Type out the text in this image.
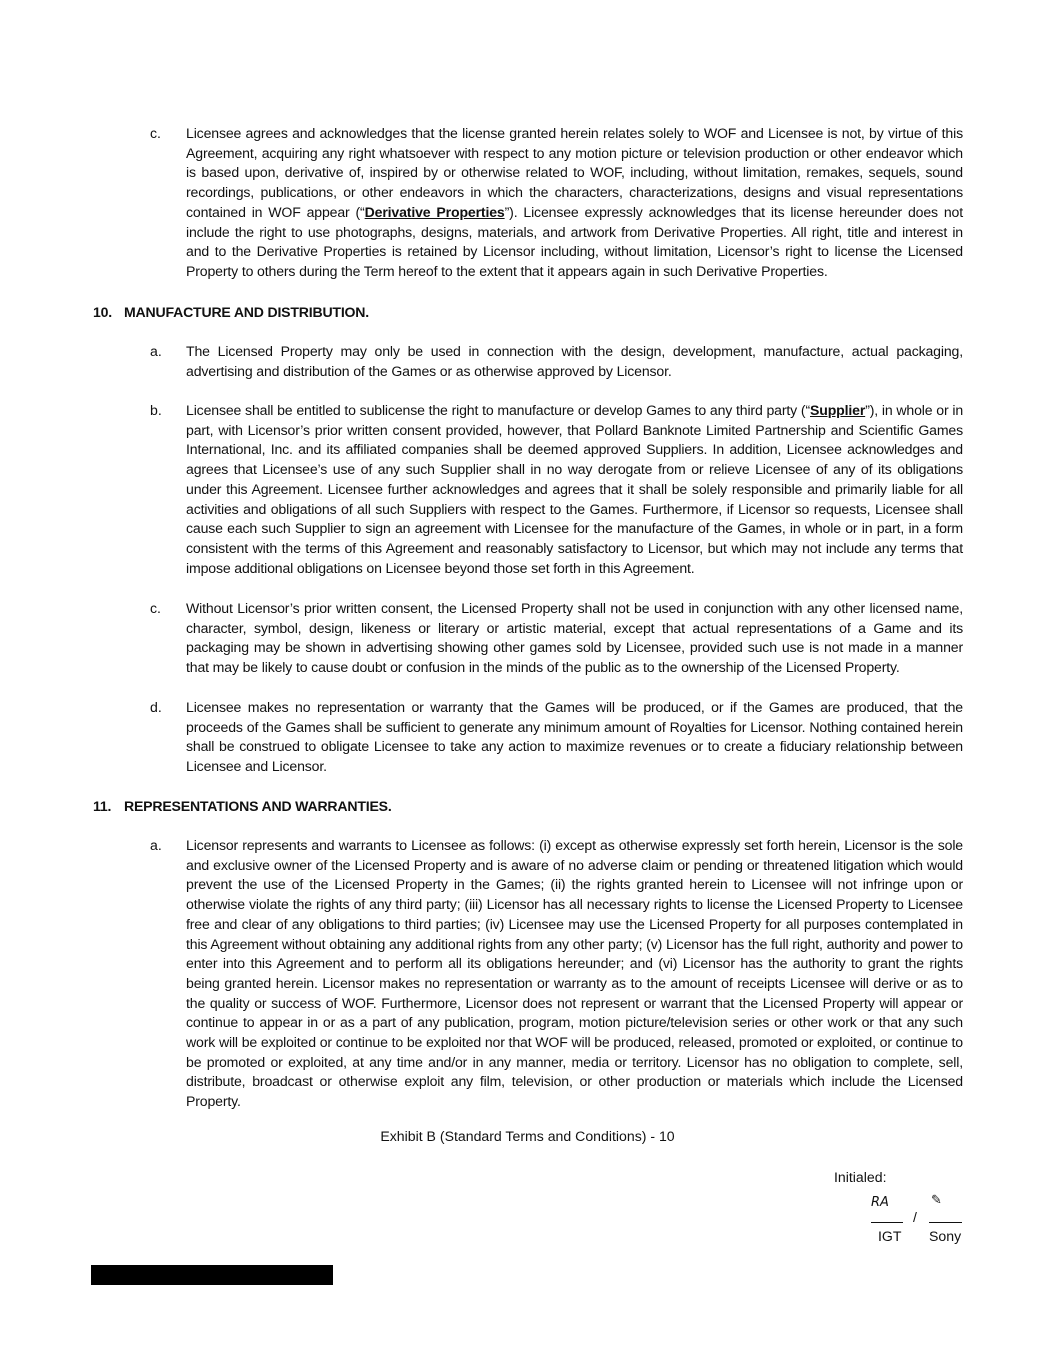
c.	Licensee agrees and acknowledges that the license granted herein relates solely to WOF and Licensee is not, by virtue of this Agreement, acquiring any right whatsoever with respect to any motion picture or television production or other endeavor which is based upon, derivative of, inspired by or otherwise related to WOF, including, without limitation, remakes, sequels, sound recordings, publications, or other endeavors in which the characters, characterizations, designs and visual representations contained in WOF appear (“Derivative Properties”). Licensee expressly acknowledges that its license hereunder does not include the right to use photographs, designs, materials, and artwork from Derivative Properties. All right, title and interest in and to the Derivative Properties is retained by Licensor including, without limitation, Licensor’s right to license the Licensed Property to others during the Term hereof to the extent that it appears again in such Derivative Properties.
10. MANUFACTURE AND DISTRIBUTION.
a.	The Licensed Property may only be used in connection with the design, development, manufacture, actual packaging, advertising and distribution of the Games or as otherwise approved by Licensor.
b.	Licensee shall be entitled to sublicense the right to manufacture or develop Games to any third party (“Supplier”), in whole or in part, with Licensor’s prior written consent provided, however, that Pollard Banknote Limited Partnership and Scientific Games International, Inc. and its affiliated companies shall be deemed approved Suppliers. In addition, Licensee acknowledges and agrees that Licensee’s use of any such Supplier shall in no way derogate from or relieve Licensee of any of its obligations under this Agreement. Licensee further acknowledges and agrees that it shall be solely responsible and primarily liable for all activities and obligations of all such Suppliers with respect to the Games. Furthermore, if Licensor so requests, Licensee shall cause each such Supplier to sign an agreement with Licensee for the manufacture of the Games, in whole or in part, in a form consistent with the terms of this Agreement and reasonably satisfactory to Licensor, but which may not include any terms that impose additional obligations on Licensee beyond those set forth in this Agreement.
c.	Without Licensor’s prior written consent, the Licensed Property shall not be used in conjunction with any other licensed name, character, symbol, design, likeness or literary or artistic material, except that actual representations of a Game and its packaging may be shown in advertising showing other games sold by Licensee, provided such use is not made in a manner that may be likely to cause doubt or confusion in the minds of the public as to the ownership of the Licensed Property.
d.	Licensee makes no representation or warranty that the Games will be produced, or if the Games are produced, that the proceeds of the Games shall be sufficient to generate any minimum amount of Royalties for Licensor. Nothing contained herein shall be construed to obligate Licensee to take any action to maximize revenues or to create a fiduciary relationship between Licensee and Licensor.
11. REPRESENTATIONS AND WARRANTIES.
a.	Licensor represents and warrants to Licensee as follows: (i) except as otherwise expressly set forth herein, Licensor is the sole and exclusive owner of the Licensed Property and is aware of no adverse claim or pending or threatened litigation which would prevent the use of the Licensed Property in the Games; (ii) the rights granted herein to Licensee will not infringe upon or otherwise violate the rights of any third party; (iii) Licensor has all necessary rights to license the Licensed Property to Licensee free and clear of any obligations to third parties; (iv) Licensee may use the Licensed Property for all purposes contemplated in this Agreement without obtaining any additional rights from any other party; (v) Licensor has the full right, authority and power to enter into this Agreement and to perform all its obligations hereunder; and (vi) Licensor has the authority to grant the rights being granted herein. Licensor makes no representation or warranty as to the amount of receipts Licensee will derive or as to the quality or success of WOF. Furthermore, Licensor does not represent or warrant that the Licensed Property will appear or continue to appear in or as a part of any publication, program, motion picture/television series or other work or that any such work will be exploited or continue to be exploited nor that WOF will be produced, released, promoted or exploited, or continue to be promoted or exploited, at any time and/or in any manner, media or territory. Licensor has no obligation to complete, sell, distribute, broadcast or otherwise exploit any film, television, or other production or materials which include the Licensed Property.
Exhibit B (Standard Terms and Conditions) - 10
Initialed:
RA	✎
/
IGT Sony
